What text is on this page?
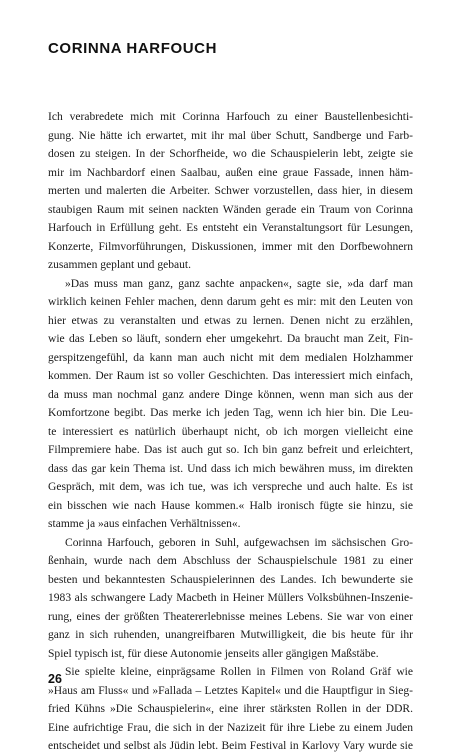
CORINNA HARFOUCH
Ich verabredete mich mit Corinna Harfouch zu einer Baustellenbesichti-
gung. Nie hätte ich erwartet, mit ihr mal über Schutt, Sandberge und Farb-
dosen zu steigen. In der Schorfheide, wo die Schauspielerin lebt, zeigte sie
mir im Nachbardorf einen Saalbau, außen eine graue Fassade, innen häm-
merten und malerten die Arbeiter. Schwer vorzustellen, dass hier, in diesem
staubigen Raum mit seinen nackten Wänden gerade ein Traum von Corinna
Harfouch in Erfüllung geht. Es entsteht ein Veranstaltungsort für Lesungen,
Konzerte, Filmvorführungen, Diskussionen, immer mit den Dorfbewohnern
zusammen geplant und gebaut.
»Das muss man ganz, ganz sachte anpacken«, sagte sie, »da darf man
wirklich keinen Fehler machen, denn darum geht es mir: mit den Leuten von
hier etwas zu veranstalten und etwas zu lernen. Denen nicht zu erzählen,
wie das Leben so läuft, sondern eher umgekehrt. Da braucht man Zeit, Fin-
gerspitzengefühl, da kann man auch nicht mit dem medialen Holzhammer
kommen. Der Raum ist so voller Geschichten. Das interessiert mich einfach,
da muss man nochmal ganz andere Dinge können, wenn man sich aus der
Komfortzone begibt. Das merke ich jeden Tag, wenn ich hier bin. Die Leu-
te interessiert es natürlich überhaupt nicht, ob ich morgen vielleicht eine
Filmpremiere habe. Das ist auch gut so. Ich bin ganz befreit und erleichtert,
dass das gar kein Thema ist. Und dass ich mich bewähren muss, im direkten
Gespräch, mit dem, was ich tue, was ich verspreche und auch halte. Es ist
ein bisschen wie nach Hause kommen.« Halb ironisch fügte sie hinzu, sie
stamme ja »aus einfachen Verhältnissen«.
Corinna Harfouch, geboren in Suhl, aufgewachsen im sächsischen Gro-
ßenhain, wurde nach dem Abschluss der Schauspielschule 1981 zu einer
besten und bekanntesten Schauspielerinnen des Landes. Ich bewunderte sie
1983 als schwangere Lady Macbeth in Heiner Müllers Volksbühnen-Inszenie-
rung, eines der größten Theatererlebnisse meines Lebens. Sie war von einer
ganz in sich ruhenden, unangreifbaren Mutwilligkeit, die bis heute für ihr
Spiel typisch ist, für diese Autonomie jenseits aller gängigen Maßstäbe.
Sie spielte kleine, einprägsame Rollen in Filmen von Roland Gräf wie
»Haus am Fluss« und »Fallada – Letztes Kapitel« und die Hauptfigur in Sieg-
fried Kühns »Die Schauspielerin«, eine ihrer stärksten Rollen in der DDR.
Eine aufrichtige Frau, die sich in der Nazizeit für ihre Liebe zu einem Juden
entscheidet und selbst als Jüdin lebt. Beim Festival in Karlovy Vary wurde sie

26
